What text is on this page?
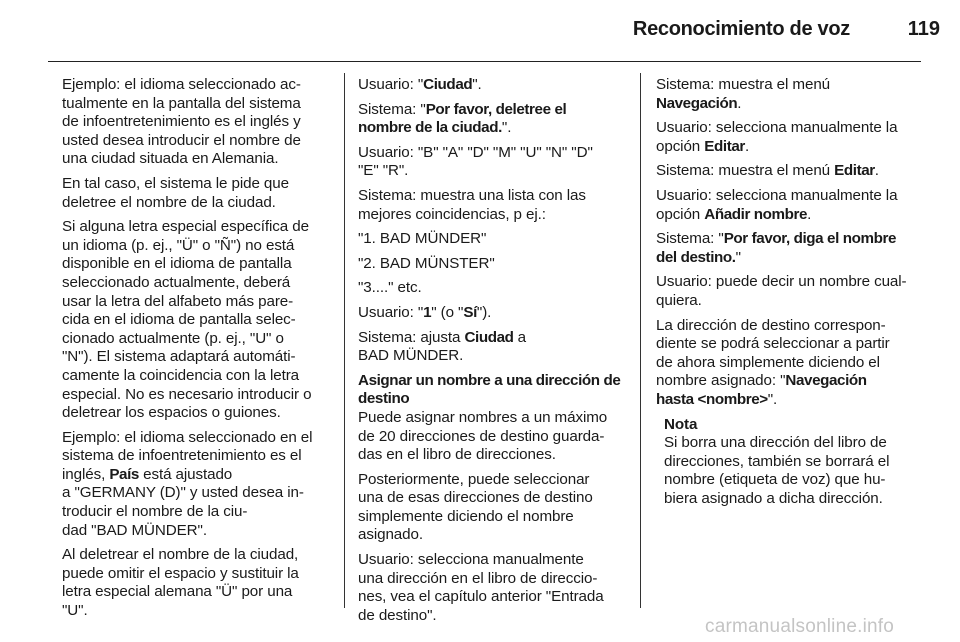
Reconocimiento de voz	119

Ejemplo: el idioma seleccionado ac-
tualmente en la pantalla del sistema
de infoentretenimiento es el inglés y
usted desea introducir el nombre de
una ciudad situada en Alemania.

En tal caso, el sistema le pide que
deletree el nombre de la ciudad.

Si alguna letra especial específica de
un idioma (p. ej., "Ü" o "Ñ") no está
disponible en el idioma de pantalla
seleccionado actualmente, deberá
usar la letra del alfabeto más pare-
cida en el idioma de pantalla selec-
cionado actualmente (p. ej., "U" o
"N"). El sistema adaptará automáti-
camente la coincidencia con la letra
especial. No es necesario introducir o
deletrear los espacios o guiones.

Ejemplo: el idioma seleccionado en el
sistema de infoentretenimiento es el
inglés, País está ajustado
a "GERMANY (D)" y usted desea in-
troducir el nombre de la ciu-
dad "BAD MÜNDER".

Al deletrear el nombre de la ciudad,
puede omitir el espacio y sustituir la
letra especial alemana "Ü" por una
"U".

Usuario: "Ciudad".

Sistema: "Por favor, deletree el
nombre de la ciudad.".

Usuario: "B" "A" "D" "M" "U" "N" "D"
"E" "R".

Sistema: muestra una lista con las
mejores coincidencias, p ej.:

"1. BAD MÜNDER"

"2. BAD MÜNSTER"

"3...." etc.

Usuario: "1" (o "Sí").

Sistema: ajusta Ciudad a
BAD MÜNDER.

Asignar un nombre a una dirección de
destino

Puede asignar nombres a un máximo
de 20 direcciones de destino guarda-
das en el libro de direcciones.

Posteriormente, puede seleccionar
una de esas direcciones de destino
simplemente diciendo el nombre
asignado.

Usuario: selecciona manualmente
una dirección en el libro de direccio-
nes, vea el capítulo anterior "Entrada
de destino".

Sistema: muestra el menú
Navegación.

Usuario: selecciona manualmente la
opción Editar.

Sistema: muestra el menú Editar.

Usuario: selecciona manualmente la
opción Añadir nombre.

Sistema: "Por favor, diga el nombre
del destino."

Usuario: puede decir un nombre cual-
quiera.

La dirección de destino correspon-
diente se podrá seleccionar a partir
de ahora simplemente diciendo el
nombre asignado: "Navegación
hasta <nombre>".

Nota
Si borra una dirección del libro de
direcciones, también se borrará el
nombre (etiqueta de voz) que hu-
biera asignado a dicha dirección.
carmanualsonline.info
